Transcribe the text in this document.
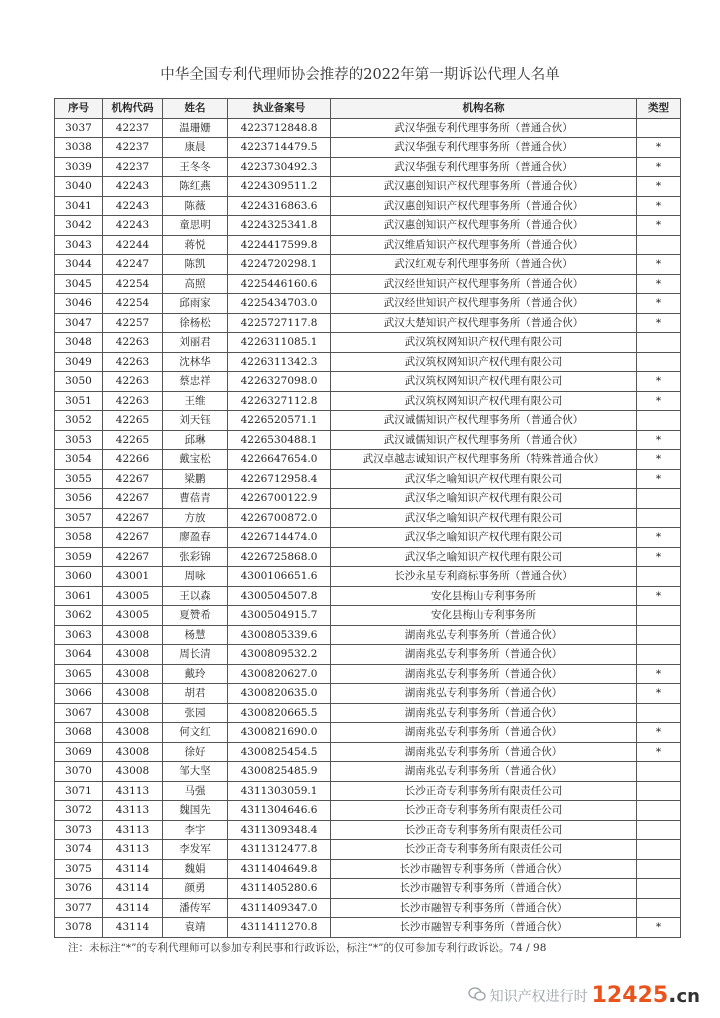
中华全国专利代理师协会推荐的2022年第一期诉讼代理人名单
序号	机构代码	姓名	执业备案号	机构名称	类型
3037	42237	温珊姗	4223712848.8	武汉华强专利代理事务所（普通合伙）	
3038	42237	康晨	4223714479.5	武汉华强专利代理事务所（普通合伙）	*
3039	42237	王冬冬	4223730492.3	武汉华强专利代理事务所（普通合伙）	*
3040	42243	陈红燕	4224309511.2	武汉惠创知识产权代理事务所（普通合伙）	*
3041	42243	陈薇	4224316863.6	武汉惠创知识产权代理事务所（普通合伙）	*
3042	42243	童思明	4224325341.8	武汉惠创知识产权代理事务所（普通合伙）	*
3043	42244	蒋悦	4224417599.8	武汉维盾知识产权代理事务所（普通合伙）	
3044	42247	陈凯	4224720298.1	武汉红观专利代理事务所（普通合伙）	*
3045	42254	高照	4225446160.6	武汉经世知识产权代理事务所（普通合伙）	*
3046	42254	邱雨家	4225434703.0	武汉经世知识产权代理事务所（普通合伙）	*
3047	42257	徐杨松	4225727117.8	武汉大楚知识产权代理事务所（普通合伙）	*
3048	42263	刘丽君	4226311085.1	武汉筑权网知识产权代理有限公司	
3049	42263	沈林华	4226311342.3	武汉筑权网知识产权代理有限公司	
3050	42263	蔡忠祥	4226327098.0	武汉筑权网知识产权代理有限公司	*
3051	42263	王维	4226327112.8	武汉筑权网知识产权代理有限公司	*
3052	42265	刘天钰	4226520571.1	武汉诚儒知识产权代理事务所（普通合伙）	
3053	42265	邱琳	4226530488.1	武汉诚儒知识产权代理事务所（普通合伙）	*
3054	42266	戴宝松	4226647654.0	武汉卓越志诚知识产权代理事务所（特殊普通合伙）	*
3055	42267	梁鹏	4226712958.4	武汉华之喻知识产权代理有限公司	*
3056	42267	曹蓓青	4226700122.9	武汉华之喻知识产权代理有限公司	
3057	42267	方放	4226700872.0	武汉华之喻知识产权代理有限公司	
3058	42267	廖盈春	4226714474.0	武汉华之喻知识产权代理有限公司	*
3059	42267	张彩锦	4226725868.0	武汉华之喻知识产权代理有限公司	*
3060	43001	周咏	4300106651.6	长沙永星专利商标事务所（普通合伙）	
3061	43005	王以森	4300504507.8	安化县梅山专利事务所	*
3062	43005	夏赞希	4300504915.7	安化县梅山专利事务所	
3063	43008	杨慧	4300805339.6	湖南兆弘专利事务所（普通合伙）	
3064	43008	周长清	4300809532.2	湖南兆弘专利事务所（普通合伙）	
3065	43008	戴玲	4300820627.0	湖南兆弘专利事务所（普通合伙）	*
3066	43008	胡君	4300820635.0	湖南兆弘专利事务所（普通合伙）	*
3067	43008	张园	4300820665.5	湖南兆弘专利事务所（普通合伙）	
3068	43008	何文红	4300821690.0	湖南兆弘专利事务所（普通合伙）	*
3069	43008	徐好	4300825454.5	湖南兆弘专利事务所（普通合伙）	*
3070	43008	邹大坚	4300825485.9	湖南兆弘专利事务所（普通合伙）	
3071	43113	马强	4311303059.1	长沙正奇专利事务所有限责任公司	
3072	43113	魏国先	4311304646.6	长沙正奇专利事务所有限责任公司	
3073	43113	李宇	4311309348.4	长沙正奇专利事务所有限责任公司	
3074	43113	李发军	4311312477.8	长沙正奇专利事务所有限责任公司	
3075	43114	魏娟	4311404649.8	长沙市融智专利事务所（普通合伙）	
3076	43114	颜勇	4311405280.6	长沙市融智专利事务所（普通合伙）	
3077	43114	潘传军	4311409347.0	长沙市融智专利事务所（普通合伙）	
3078	43114	袁靖	4311411270.8	长沙市融智专利事务所（普通合伙）	*
注：未标注“*”的专利代理师可以参加专利民事和行政诉讼，标注“*”的仅可参加专利行政诉讼。74 / 98
知识产权进行时 12425.cn
